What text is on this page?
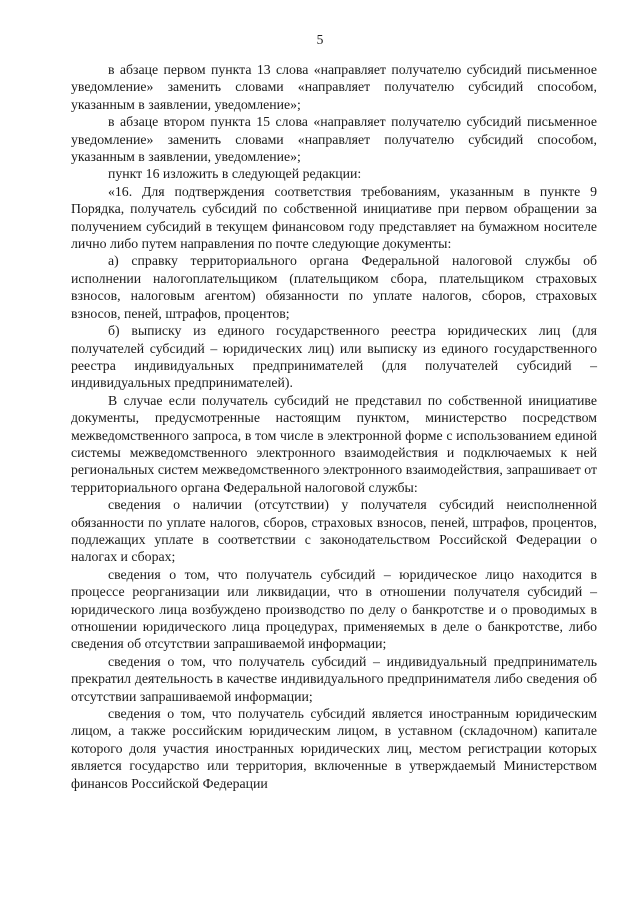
5

в абзаце первом пункта 13 слова «направляет получателю субсидий письменное уведомление» заменить словами «направляет получателю субсидий способом, указанным в заявлении, уведомление»;

в абзаце втором пункта 15 слова «направляет получателю субсидий письменное уведомление» заменить словами «направляет получателю субсидий способом, указанным в заявлении, уведомление»;

пункт 16 изложить в следующей редакции:

«16. Для подтверждения соответствия требованиям, указанным в пункте 9 Порядка, получатель субсидий по собственной инициативе при первом обращении за получением субсидий в текущем финансовом году представляет на бумажном носителе лично либо путем направления по почте следующие документы:

а) справку территориального органа Федеральной налоговой службы об исполнении налогоплательщиком (плательщиком сбора, плательщиком страховых взносов, налоговым агентом) обязанности по уплате налогов, сборов, страховых взносов, пеней, штрафов, процентов;

б) выписку из единого государственного реестра юридических лиц (для получателей субсидий – юридических лиц) или выписку из единого государственного реестра индивидуальных предпринимателей (для получателей субсидий – индивидуальных предпринимателей).

В случае если получатель субсидий не представил по собственной инициативе документы, предусмотренные настоящим пунктом, министерство посредством межведомственного запроса, в том числе в электронной форме с использованием единой системы межведомственного электронного взаимодействия и подключаемых к ней региональных систем межведомственного электронного взаимодействия, запрашивает от территориального органа Федеральной налоговой службы:

сведения о наличии (отсутствии) у получателя субсидий неисполненной обязанности по уплате налогов, сборов, страховых взносов, пеней, штрафов, процентов, подлежащих уплате в соответствии с законодательством Российской Федерации о налогах и сборах;

сведения о том, что получатель субсидий – юридическое лицо находится в процессе реорганизации или ликвидации, что в отношении получателя субсидий – юридического лица возбуждено производство по делу о банкротстве и о проводимых в отношении юридического лица процедурах, применяемых в деле о банкротстве, либо сведения об отсутствии запрашиваемой информации;

сведения о том, что получатель субсидий – индивидуальный предприниматель прекратил деятельность в качестве индивидуального предпринимателя либо сведения об отсутствии запрашиваемой информации;

сведения о том, что получатель субсидий является иностранным юридическим лицом, а также российским юридическим лицом, в уставном (складочном) капитале которого доля участия иностранных юридических лиц, местом регистрации которых является государство или территория, включенные в утверждаемый Министерством финансов Российской Федерации
